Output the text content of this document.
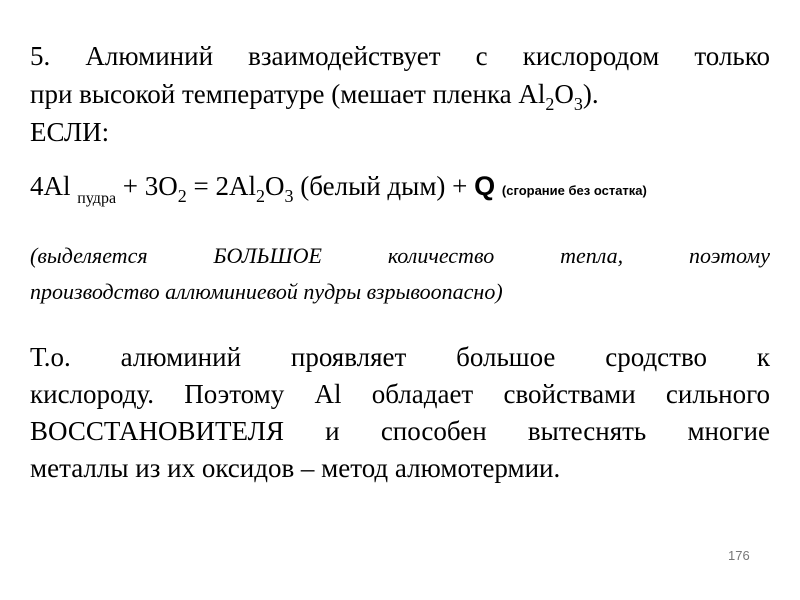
5. Алюминий взаимодействует с кислородом только
при высокой температуре (мешает пленка $Al_2O_3$).
ЕСЛИ:
4Al $_{пудра} + 3O_2 = 2Al_2O_3$ (белый дым) + Q (сгорание без остатка)
(выделяется БОЛЬШОЕ количество тепла, поэтому
производство аллюминиевой пудры взрывоопасно)
Т.о. алюминий проявляет большое сродство к
кислороду. Поэтому Al обладает свойствами сильного
ВОССТАНОВИТЕЛЯ и способен вытеснять многие
металлы из их оксидов – метод алюмотермии.
176
